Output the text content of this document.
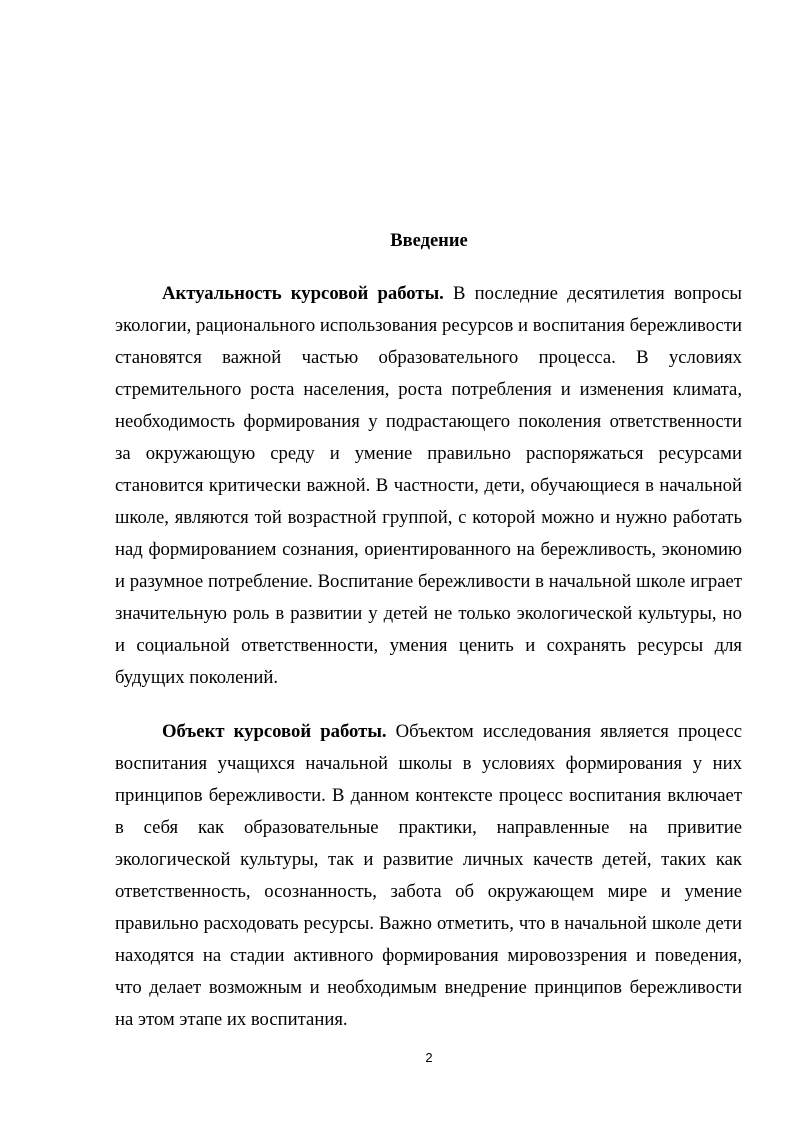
Введение

Актуальность курсовой работы. В последние десятилетия вопросы экологии, рационального использования ресурсов и воспитания бережливости становятся важной частью образовательного процесса. В условиях стремительного роста населения, роста потребления и изменения климата, необходимость формирования у подрастающего поколения ответственности за окружающую среду и умение правильно распоряжаться ресурсами становится критически важной. В частности, дети, обучающиеся в начальной школе, являются той возрастной группой, с которой можно и нужно работать над формированием сознания, ориентированного на бережливость, экономию и разумное потребление. Воспитание бережливости в начальной школе играет значительную роль в развитии у детей не только экологической культуры, но и социальной ответственности, умения ценить и сохранять ресурсы для будущих поколений.

Объект курсовой работы. Объектом исследования является процесс воспитания учащихся начальной школы в условиях формирования у них принципов бережливости. В данном контексте процесс воспитания включает в себя как образовательные практики, направленные на привитие экологической культуры, так и развитие личных качеств детей, таких как ответственность, осознанность, забота об окружающем мире и умение правильно расходовать ресурсы. Важно отметить, что в начальной школе дети находятся на стадии активного формирования мировоззрения и поведения, что делает возможным и необходимым внедрение принципов бережливости на этом этапе их воспитания.

2
